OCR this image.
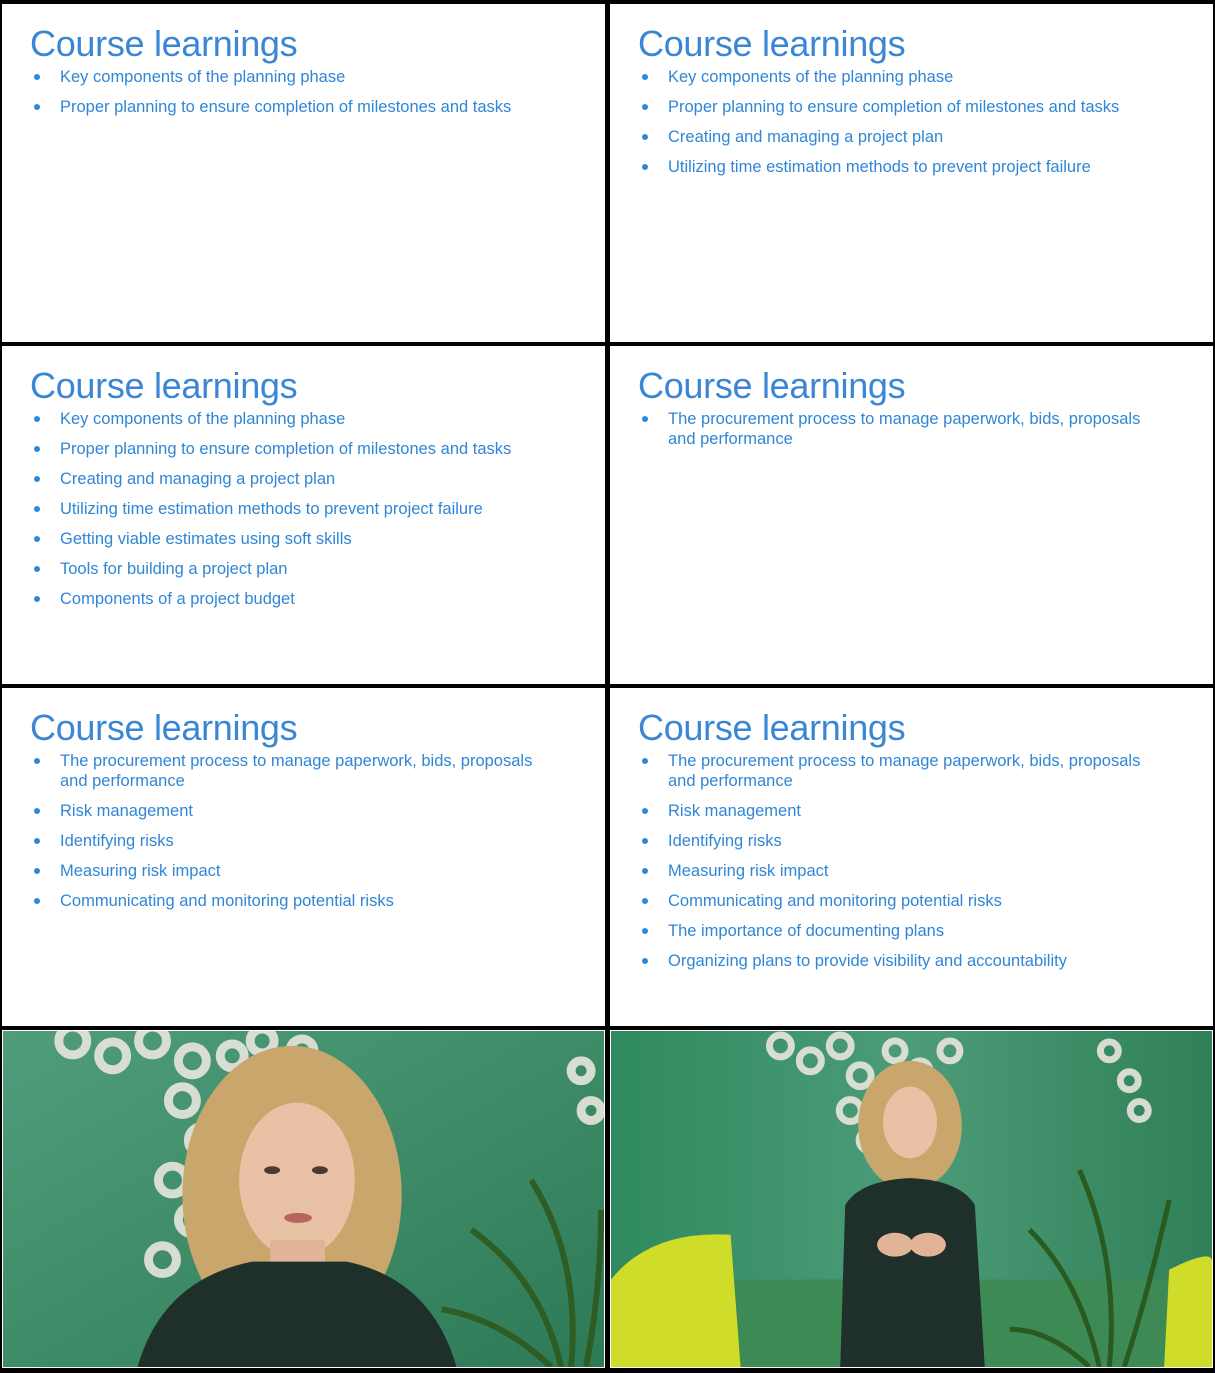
Course learnings
Key components of the planning phase
Proper planning to ensure completion of milestones and tasks
Course learnings
Key components of the planning phase
Proper planning to ensure completion of milestones and tasks
Creating and managing a project plan
Utilizing time estimation methods to prevent project failure
Course learnings
Key components of the planning phase
Proper planning to ensure completion of milestones and tasks
Creating and managing a project plan
Utilizing time estimation methods to prevent project failure
Getting viable estimates using soft skills
Tools for building a project plan
Components of a project budget
Course learnings
The procurement process to manage paperwork, bids, proposals and performance
Course learnings
The procurement process to manage paperwork, bids, proposals and performance
Risk management
Identifying risks
Measuring risk impact
Communicating and monitoring potential risks
Course learnings
The procurement process to manage paperwork, bids, proposals and performance
Risk management
Identifying risks
Measuring risk impact
Communicating and monitoring potential risks
The importance of documenting plans
Organizing plans to provide visibility and accountability
